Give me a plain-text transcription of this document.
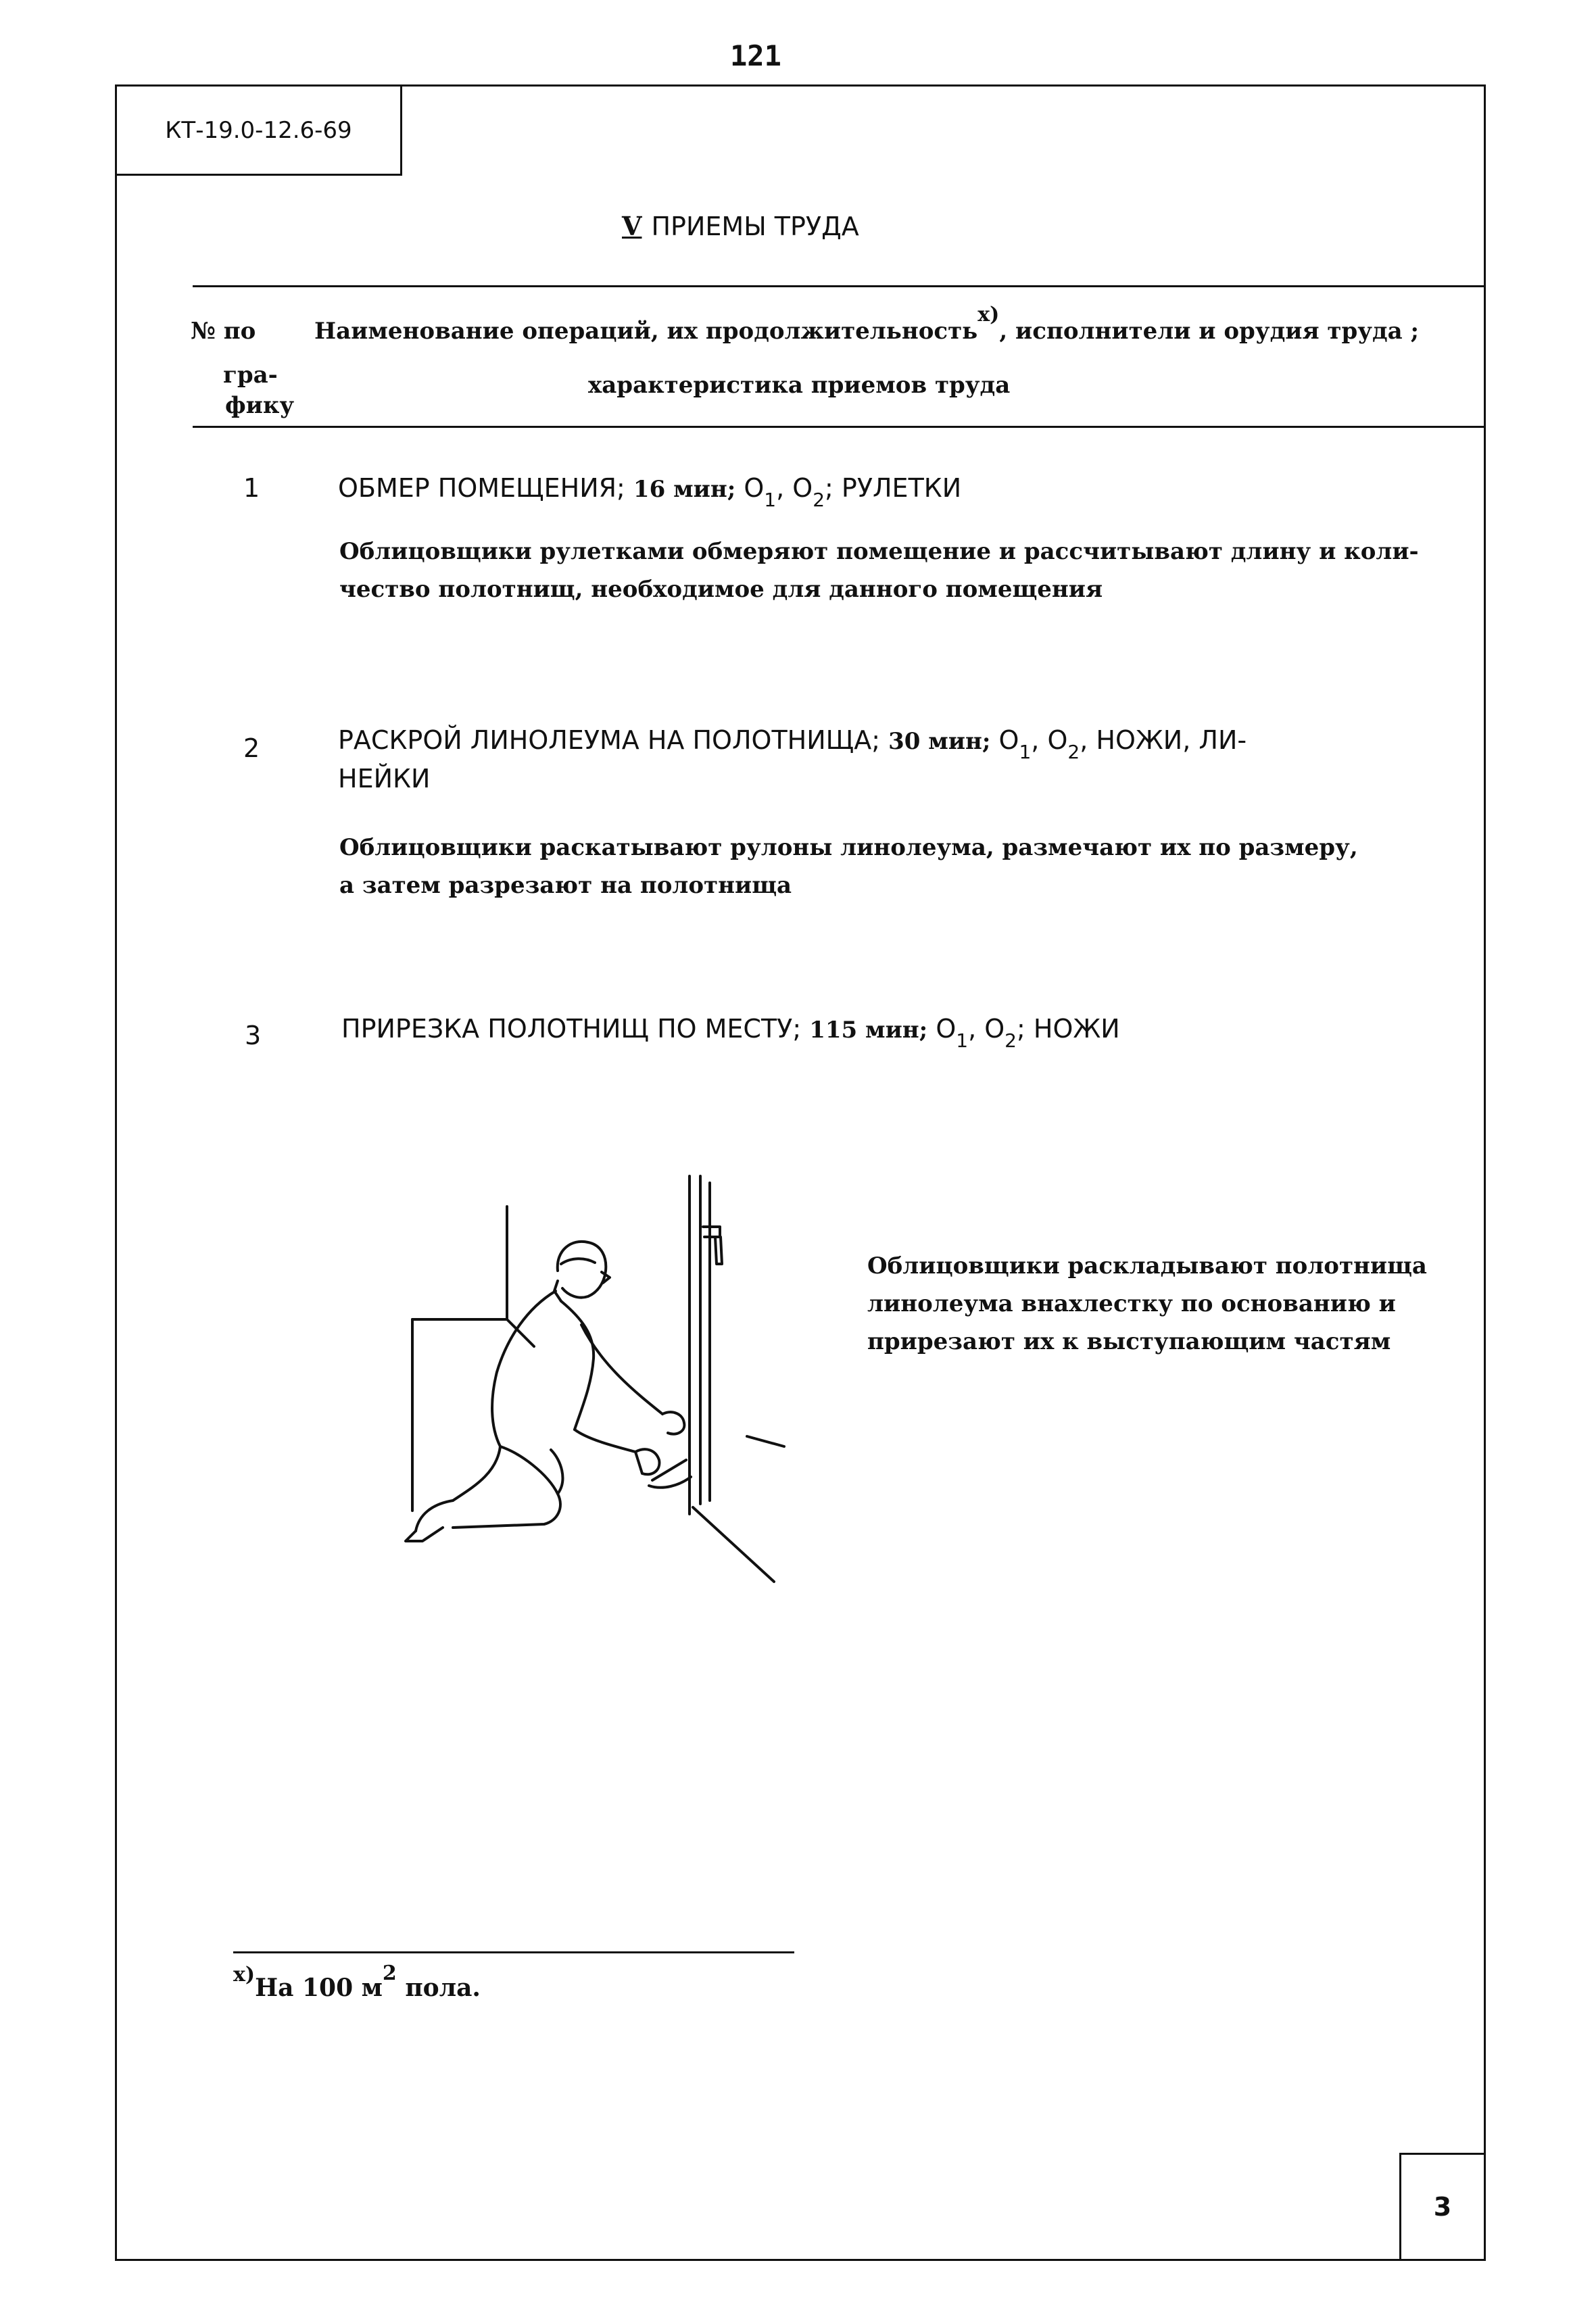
121
КТ-19.0-12.6-69
V ПРИЕМЫ ТРУДА
№ по
гра-
фику
Наименование операций, их продолжительностьx), исполнители и орудия труда ;
характеристика приемов труда
1	ОБМЕР ПОМЕЩЕНИЯ; 16 мин; $O_1$, $O_2$; РУЛЕТКИ
Облицовщики рулетками обмеряют помещение и рассчитывают длину и коли-
чество полотнищ, необходимое для данного помещения
2	РАСКРОЙ ЛИНОЛЕУМА НА ПОЛОТНИЩА; 30 мин; $O_1$, $O_2$, НОЖИ, ЛИ-
НЕЙКИ
Облицовщики раскатывают рулоны линолеума, размечают их по размеру,
а затем разрезают на полотнища
3	ПРИРЕЗКА ПОЛОТНИЩ ПО МЕСТУ; 115 мин; $O_1$, $O_2$; НОЖИ
Облицовщики раскладывают полотнища
линолеума внахлестку по основанию и
прирезают их к выступающим частям
$^{x)}$На 100 $м^2$ пола.
3
